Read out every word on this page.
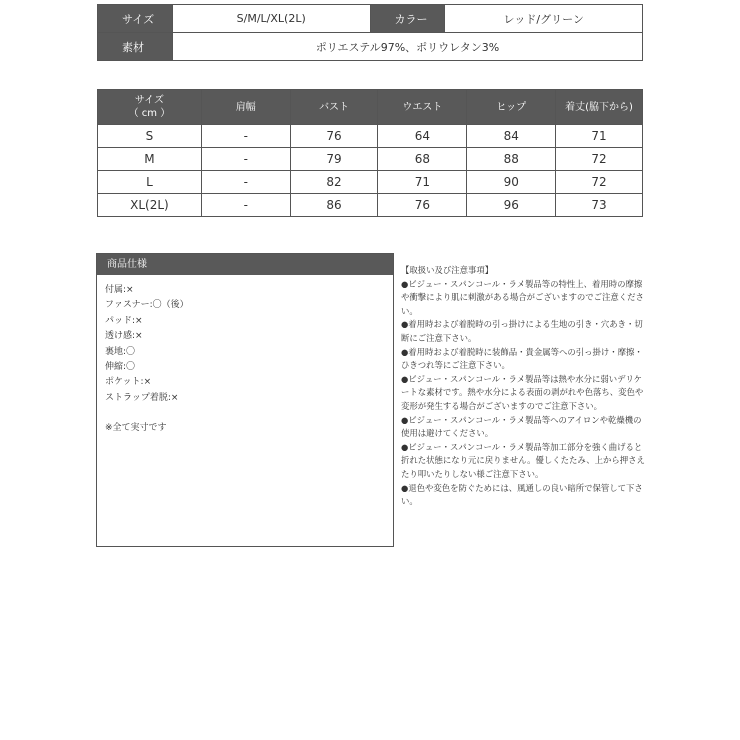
サイズ	S/M/L/XL(2L)	カラー	レッド/グリーン
素材	ポリエステル97%、ポリウレタン3%		
サイズ
（ cm ）	肩幅	バスト	ウエスト	ヒップ	着丈(脇下から)
S	-	76	64	84	71
M	-	79	68	88	72
L	-	82	71	90	72
XL(2L)	-	86	76	96	73
商品仕様
付属:×
ファスナー:〇（後）
パッド:×
透け感:×
裏地:〇
伸縮:〇
ポケット:×
ストラップ着脱:×
※全て実寸です

【取扱い及び注意事項】

●ビジュー・スパンコール・ラメ製品等の特性上、着用時の摩擦や衝撃により肌に刺激がある場合がございますのでご注意ください。

●着用時および着脱時の引っ掛けによる生地の引き・穴あき・切断にご注意下さい。

●着用時および着脱時に装飾品・貴金属等への引っ掛け・摩擦・ひきつれ等にご注意下さい。

●ビジュー・スパンコール・ラメ製品等は熱や水分に弱いデリケートな素材です。熱や水分による表面の剥がれや色落ち、変色や変形が発生する場合がございますのでご注意下さい。

●ビジュー・スパンコール・ラメ製品等へのアイロンや乾燥機の使用は避けてください。

●ビジュー・スパンコール・ラメ製品等加工部分を強く曲げると折れた状態になり元に戻りません。優しくたたみ、上から押さえたり叩いたりしない様ご注意下さい。

●退色や変色を防ぐためには、風通しの良い暗所で保管して下さい。
